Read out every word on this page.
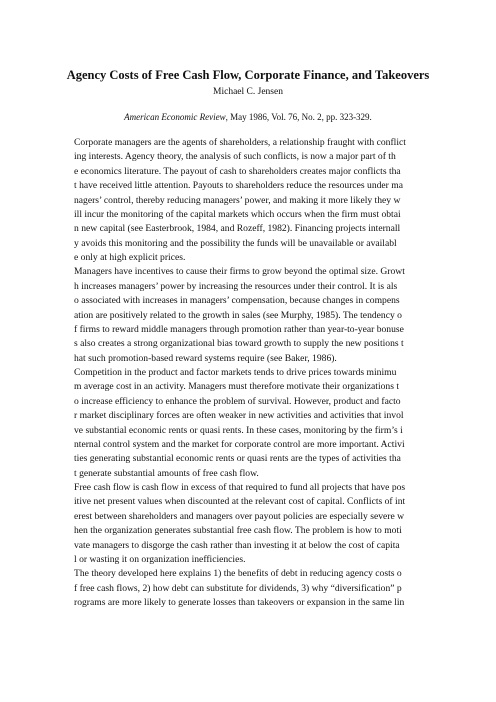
Agency Costs of Free Cash Flow, Corporate Finance, and Takeovers
Michael C. Jensen
American Economic Review, May 1986, Vol. 76, No. 2, pp. 323-329.
Corporate managers are the agents of shareholders, a relationship fraught with conflict
ing interests. Agency theory, the analysis of such conflicts, is now a major part of th
e economics literature. The payout of cash to shareholders creates major conflicts tha
t have received little attention. Payouts to shareholders reduce the resources under ma
nagers’ control, thereby reducing managers’ power, and making it more likely they w
ill incur the monitoring of the capital markets which occurs when the firm must obtai
n new capital (see Easterbrook, 1984, and Rozeff, 1982). Financing projects internall
y avoids this monitoring and the possibility the funds will be unavailable or availabl
e only at high explicit prices.
Managers have incentives to cause their firms to grow beyond the optimal size. Growt
h increases managers’ power by increasing the resources under their control. It is als
o associated with increases in managers’ compensation, because changes in compens
ation are positively related to the growth in sales (see Murphy, 1985). The tendency o
f firms to reward middle managers through promotion rather than year-to-year bonuse
s also creates a strong organizational bias toward growth to supply the new positions t
hat such promotion-based reward systems require (see Baker, 1986).
Competition in the product and factor markets tends to drive prices towards minimu
m average cost in an activity. Managers must therefore motivate their organizations t
o increase efficiency to enhance the problem of survival. However, product and facto
r market disciplinary forces are often weaker in new activities and activities that invol
ve substantial economic rents or quasi rents. In these cases, monitoring by the firm’s i
nternal control system and the market for corporate control are more important. Activi
ties generating substantial economic rents or quasi rents are the types of activities tha
t generate substantial amounts of free cash flow.
Free cash flow is cash flow in excess of that required to fund all projects that have pos
itive net present values when discounted at the relevant cost of capital. Conflicts of int
erest between shareholders and managers over payout policies are especially severe w
hen the organization generates substantial free cash flow. The problem is how to moti
vate managers to disgorge the cash rather than investing it at below the cost of capita
l or wasting it on organization inefficiencies.
The theory developed here explains 1) the benefits of debt in reducing agency costs o
f free cash flows, 2) how debt can substitute for dividends, 3) why “diversification” p
rograms are more likely to generate losses than takeovers or expansion in the same lin
